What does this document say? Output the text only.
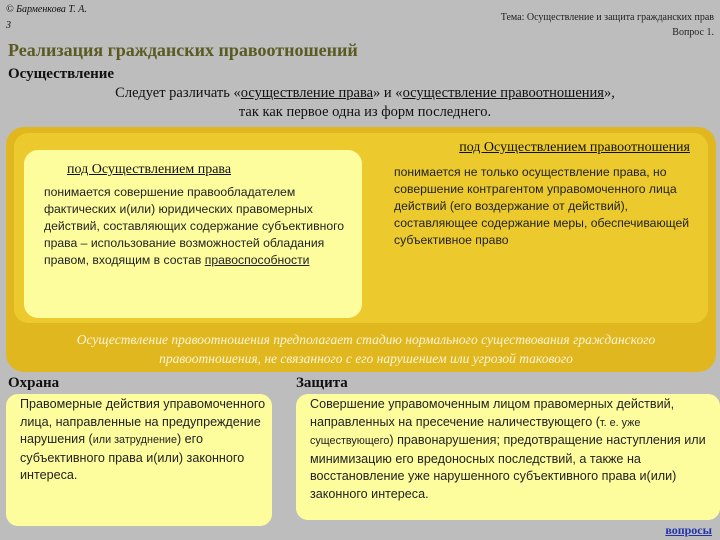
© Барменкова Т. А.
3
Тема: Осуществление и защита гражданских прав
Вопрос 1.
Реализация гражданских правоотношений
Осуществление
Следует различать «осуществление права» и «осуществление правоотношения»,
так как первое одна из форм последнего.
под Осуществлением права
понимается совершение правообладателем фактических и(или) юридических правомерных действий, составляющих содержание субъективного права – использование возможностей обладания правом, входящим в состав правоспособности
под Осуществлением правоотношения
понимается не только осуществление права, но совершение контрагентом управомоченного лица действий (его воздержание от действий), составляющее содержание меры, обеспечивающей субъективное право
Осуществление правоотношения предполагает стадию нормального существования гражданского правоотношения, не связанного с его нарушением или угрозой такового
Охрана	Защита
Правомерные действия управомоченного лица, направленные на предупреждение нарушения (или затруднение) его субъективного права и(или) законного интереса.
Совершение управомоченным лицом правомерных действий, направленных на пресечение наличествующего (т. е. уже существующего) правонарушения; предотвращение наступления или минимизацию его вредоносных последствий, а также на восстановление уже нарушенного субъективного права и(или) законного интереса.
вопросы
